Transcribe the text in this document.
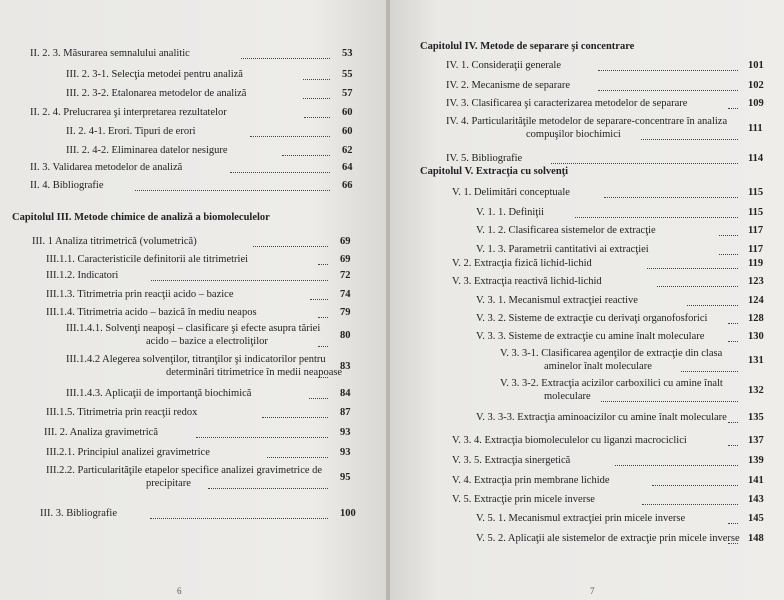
II. 2. 3. Măsurarea semnalului analitic	53
III. 2. 3-1. Selecţia metodei pentru analiză	55
III. 2. 3-2. Etalonarea metodelor de analiză	57
II. 2. 4. Prelucrarea şi interpretarea rezultatelor	60
II. 2. 4-1. Erori. Tipuri de erori	60
III. 2. 4-2. Eliminarea datelor nesigure	62
II. 3. Validarea metodelor de analiză	64
II. 4. Bibliografie	66
Capitolul III. Metode chimice de analiză a biomoleculelor
III. 1 Analiza titrimetrică (volumetrică)	69
III.1.1. Caracteristicile definitorii ale titrimetriei	69
III.1.2. Indicatori	72
III.1.3. Titrimetria prin reacţii acido – bazice	74
III.1.4. Titrimetria acido – bazică în mediu neapos	79
III.1.4.1. Solvenţi neapoşi – clasificare şi efecte asupra tăriei
acido – bazice a electroliţilor
80
III.1.4.2 Alegerea solvenţilor, titranţilor şi indicatorilor pentru
determinări titrimetrice în medii neapoase
83
III.1.4.3. Aplicaţii de importanţă biochimică	84
III.1.5. Titrimetria prin reacţii redox	87
III. 2. Analiza gravimetrică	93
III.2.1. Principiul analizei gravimetrice	93
III.2.2. Particularităţile etapelor specifice analizei gravimetrice de
precipitare
95
III. 3. Bibliografie	100
6
Capitolul IV. Metode de separare şi concentrare
IV. 1. Consideraţii generale	101
IV. 2. Mecanisme de separare	102
IV. 3. Clasificarea şi caracterizarea metodelor de separare	109
IV. 4. Particularităţile metodelor de separare-concentrare în analiza
compuşilor biochimici
111
IV. 5. Bibliografie	114
Capitolul V. Extracţia cu solvenţi
V. 1. Delimitări conceptuale	115
V. 1. 1. Definiţii	115
V. 1. 2. Clasificarea sistemelor de extracţie	117
V. 1. 3. Parametrii cantitativi ai extracţiei	117
V. 2. Extracţia fizică lichid-lichid	119
V. 3. Extracţia reactivă lichid-lichid	123
V. 3. 1. Mecanismul extracţiei reactive	124
V. 3. 2. Sisteme de extracţie cu derivaţi organofosforici	128
V. 3. 3. Sisteme de extracţie cu amine înalt moleculare	130
V. 3. 3-1. Clasificarea agenţilor de extracţie din clasa
aminelor înalt moleculare
131
V. 3. 3-2. Extracţia acizilor carboxilici cu amine înalt
moleculare
132
V. 3. 3-3. Extracţia aminoacizilor cu amine înalt moleculare 135
V. 3. 4. Extracţia biomoleculelor cu liganzi macrociclici	137
V. 3. 5. Extracţia sinergetică	139
V. 4. Extracţia prin membrane lichide	141
V. 5. Extracţie prin micele inverse	143
V. 5. 1. Mecanismul extracţiei prin micele inverse	145
V. 5. 2. Aplicaţii ale sistemelor de extracţie prin micele inverse 148
7
